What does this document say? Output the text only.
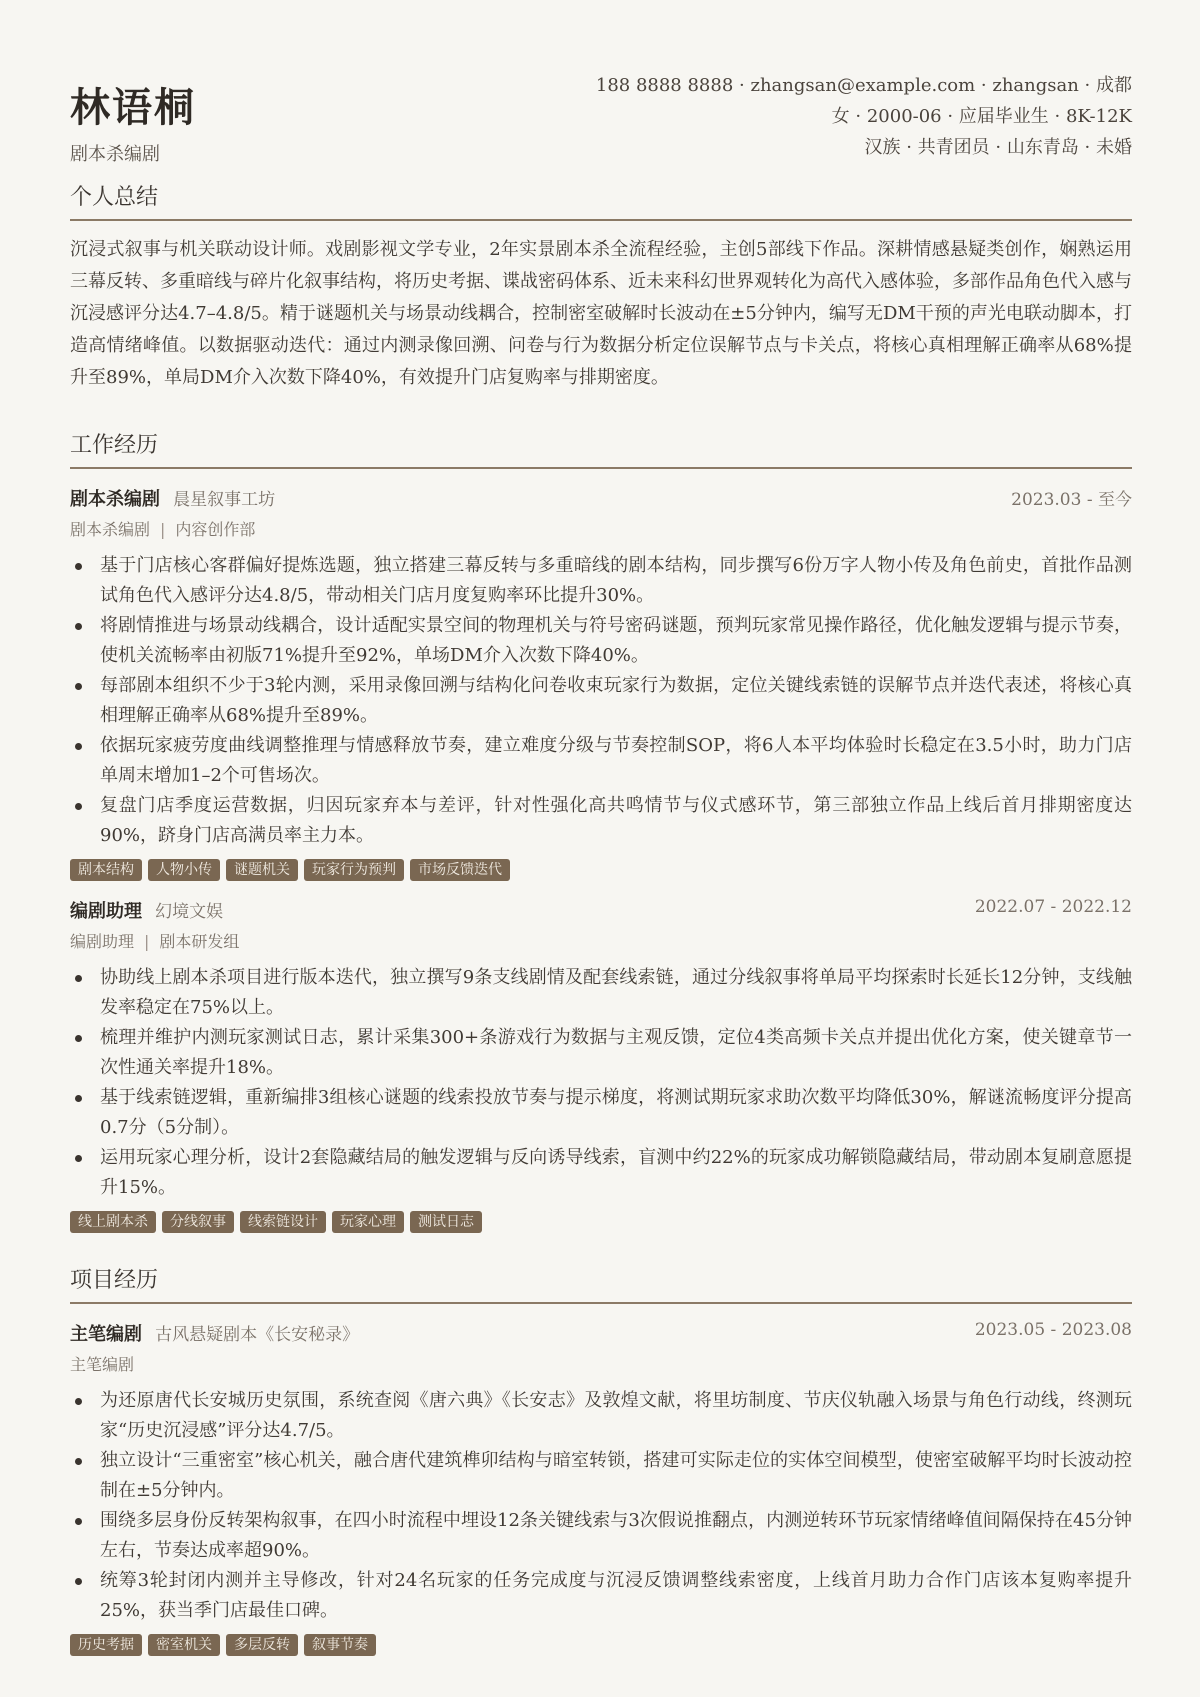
林语桐
剧本杀编剧
188 8888 8888 · zhangsan@example.com · zhangsan · 成都
女 · 2000-06 · 应届毕业生 · 8K-12K
汉族 · 共青团员 · 山东青岛 · 未婚
个人总结

沉浸式叙事与机关联动设计师。戏剧影视文学专业，2年实景剧本杀全流程经验，主创5部线下作品。深耕情感悬疑类创作，娴熟运用三幕反转、多重暗线与碎片化叙事结构，将历史考据、谍战密码体系、近未来科幻世界观转化为高代入感体验，多部作品角色代入感与沉浸感评分达4.7–4.8/5。精于谜题机关与场景动线耦合，控制密室破解时长波动在±5分钟内，编写无DM干预的声光电联动脚本，打造高情绪峰值。以数据驱动迭代：通过内测录像回溯、问卷与行为数据分析定位误解节点与卡关点，将核心真相理解正确率从68%提升至89%，单局DM介入次数下降40%，有效提升门店复购率与排期密度。

工作经历
剧本杀编剧 晨星叙事工坊	2023.03 - 至今
剧本杀编剧 | 内容创作部
基于门店核心客群偏好提炼选题，独立搭建三幕反转与多重暗线的剧本结构，同步撰写6份万字人物小传及角色前史，首批作品测试角色代入感评分达4.8/5，带动相关门店月度复购率环比提升30%。
将剧情推进与场景动线耦合，设计适配实景空间的物理机关与符号密码谜题，预判玩家常见操作路径，优化触发逻辑与提示节奏，使机关流畅率由初版71%提升至92%，单场DM介入次数下降40%。
每部剧本组织不少于3轮内测，采用录像回溯与结构化问卷收束玩家行为数据，定位关键线索链的误解节点并迭代表述，将核心真相理解正确率从68%提升至89%。
依据玩家疲劳度曲线调整推理与情感释放节奏，建立难度分级与节奏控制SOP，将6人本平均体验时长稳定在3.5小时，助力门店单周末增加1–2个可售场次。
复盘门店季度运营数据，归因玩家弃本与差评，针对性强化高共鸣情节与仪式感环节，第三部独立作品上线后首月排期密度达90%，跻身门店高满员率主力本。
剧本结构	人物小传	谜题机关	玩家行为预判	市场反馈迭代
编剧助理 幻境文娱	2022.07 - 2022.12
编剧助理 | 剧本研发组
协助线上剧本杀项目进行版本迭代，独立撰写9条支线剧情及配套线索链，通过分线叙事将单局平均探索时长延长12分钟，支线触发率稳定在75%以上。
梳理并维护内测玩家测试日志，累计采集300+条游戏行为数据与主观反馈，定位4类高频卡关点并提出优化方案，使关键章节一次性通关率提升18%。
基于线索链逻辑，重新编排3组核心谜题的线索投放节奏与提示梯度，将测试期玩家求助次数平均降低30%，解谜流畅度评分提高0.7分（5分制）。
运用玩家心理分析，设计2套隐藏结局的触发逻辑与反向诱导线索，盲测中约22%的玩家成功解锁隐藏结局，带动剧本复刷意愿提升15%。
线上剧本杀	分线叙事	线索链设计	玩家心理	测试日志
项目经历
主笔编剧 古风悬疑剧本《长安秘录》	2023.05 - 2023.08
主笔编剧
为还原唐代长安城历史氛围，系统查阅《唐六典》《长安志》及敦煌文献，将里坊制度、节庆仪轨融入场景与角色行动线，终测玩家“历史沉浸感”评分达4.7/5。
独立设计“三重密室”核心机关，融合唐代建筑榫卯结构与暗室转锁，搭建可实际走位的实体空间模型，使密室破解平均时长波动控制在±5分钟内。
围绕多层身份反转架构叙事，在四小时流程中埋设12条关键线索与3次假说推翻点，内测逆转环节玩家情绪峰值间隔保持在45分钟左右，节奏达成率超90%。
统筹3轮封闭内测并主导修改，针对24名玩家的任务完成度与沉浸反馈调整线索密度，上线首月助力合作门店该本复购率提升25%，获当季门店最佳口碑。
历史考据	密室机关	多层反转	叙事节奏
